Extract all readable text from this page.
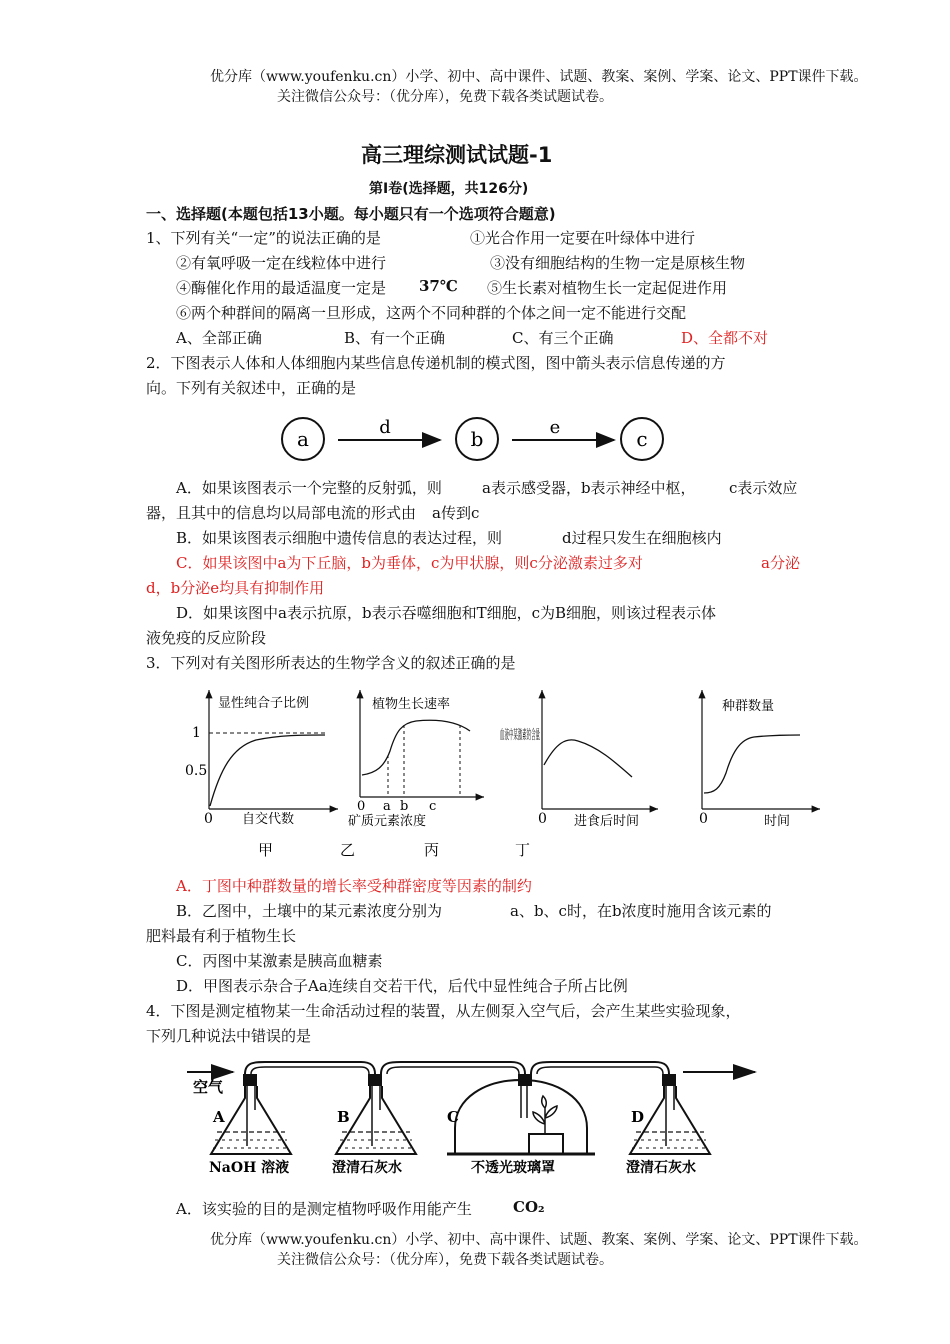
优分库（www.youfenku.cn）小学、初中、高中课件、试题、教案、案例、学案、论文、PPT课件下载。
关注微信公众号：（优分库），免费下载各类试题试卷。
高三理综测试试题-1
第Ⅰ卷(选择题，共126分)
一、选择题(本题包括13小题。每小题只有一个选项符合题意)
1、下列有关“一定”的说法正确的是	①光合作用一定要在叶绿体中进行
②有氧呼吸一定在线粒体中进行	③没有细胞结构的生物一定是原核生物
④酶催化作用的最适温度一定是 37℃ ⑤生长素对植物生长一定起促进作用
⑥两个种群间的隔离一旦形成，这两个不同种群的个体之间一定不能进行交配
A、全部正确	B、有一个正确	C、有三个正确	D、全都不对
2．下图表示人体和人体细胞内某些信息传递机制的模式图，图中箭头表示信息传递的方
向。下列有关叙述中，正确的是
a	d	b	e	c
A．如果该图表示一个完整的反射弧，则	a表示感受器，b表示神经中枢， c表示效应
器，且其中的信息均以局部电流的形式由 a传到c
B．如果该图表示细胞中遗传信息的表达过程，则	d过程只发生在细胞核内
C．如果该图中a为下丘脑，b为垂体，c为甲状腺，则c分泌激素过多对	a分泌
d，b分泌e均具有抑制作用
D．如果该图中a表示抗原，b表示吞噬细胞和T细胞，c为B细胞，则该过程表示体
液免疫的反应阶段
3．下列对有关图形所表达的生物学含义的叙述正确的是
显性纯合子比例
1
0.5
0 自交代数
植物生长速率
0 a b c
矿质元素浓度
血液中某激素的含量
0 进食后时间
种群数量
0	时间
甲	乙	丙	丁
A．丁图中种群数量的增长率受种群密度等因素的制约
B．乙图中，土壤中的某元素浓度分别为	a、b、c时，在b浓度时施用含该元素的
肥料最有利于植物生长
C．丙图中某激素是胰高血糖素
D．甲图表示杂合子Aa连续自交若干代，后代中显性纯合子所占比例
4．下图是测定植物某一生命活动过程的装置，从左侧泵入空气后，会产生某些实验现象，
下列几种说法中错误的是
空气
A
NaOH 溶液
B
澄清石灰水
C
不透光玻璃罩
D
澄清石灰水
A．该实验的目的是测定植物呼吸作用能产生	CO₂
优分库（www.youfenku.cn）小学、初中、高中课件、试题、教案、案例、学案、论文、PPT课件下载。
关注微信公众号：（优分库），免费下载各类试题试卷。
